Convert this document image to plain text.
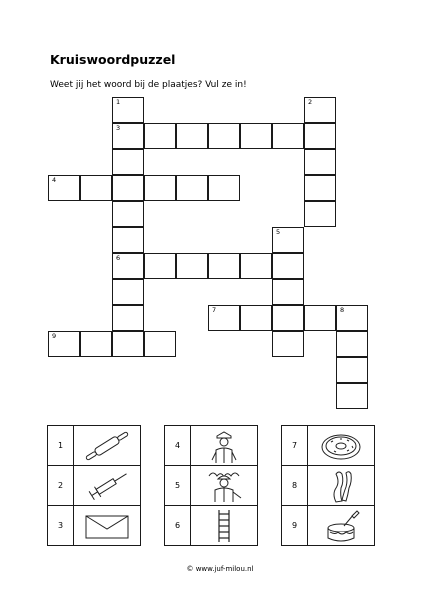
Kruiswoordpuzzel

Weet jij het woord bij de plaatjes? Vul ze in!

1	2
3
4
5
6
7	8
9
1	

2	

3	
4	

5	

6	
7	

8	

9	

© www.juf-milou.nl
